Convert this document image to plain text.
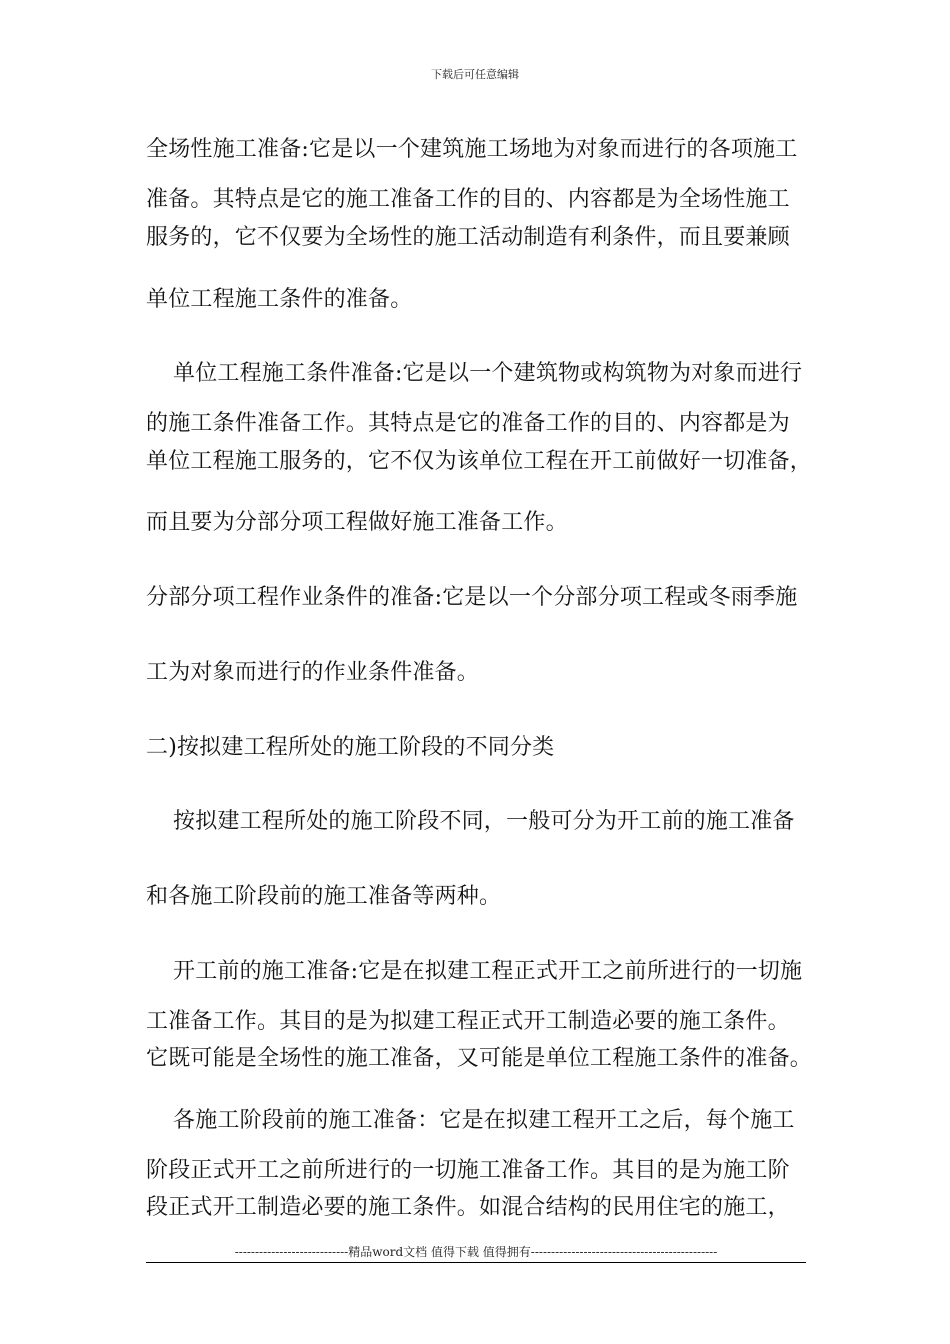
下载后可任意编辑
全场性施工准备:它是以一个建筑施工场地为对象而进行的各项施工
准备。其特点是它的施工准备工作的目的、内容都是为全场性施工
服务的，它不仅要为全场性的施工活动制造有利条件，而且要兼顾
单位工程施工条件的准备。
单位工程施工条件准备:它是以一个建筑物或构筑物为对象而进行
的施工条件准备工作。其特点是它的准备工作的目的、内容都是为
单位工程施工服务的，它不仅为该单位工程在开工前做好一切准备，
而且要为分部分项工程做好施工准备工作。
分部分项工程作业条件的准备:它是以一个分部分项工程或冬雨季施
工为对象而进行的作业条件准备。
二)按拟建工程所处的施工阶段的不同分类
按拟建工程所处的施工阶段不同，一般可分为开工前的施工准备
和各施工阶段前的施工准备等两种。
开工前的施工准备:它是在拟建工程正式开工之前所进行的一切施
工准备工作。其目的是为拟建工程正式开工制造必要的施工条件。
它既可能是全场性的施工准备，又可能是单位工程施工条件的准备。
各施工阶段前的施工准备：它是在拟建工程开工之后，每个施工
阶段正式开工之前所进行的一切施工准备工作。其目的是为施工阶
段正式开工制造必要的施工条件。如混合结构的民用住宅的施工，
----------------------------精品word文档 值得下载 值得拥有----------------------------------------------
